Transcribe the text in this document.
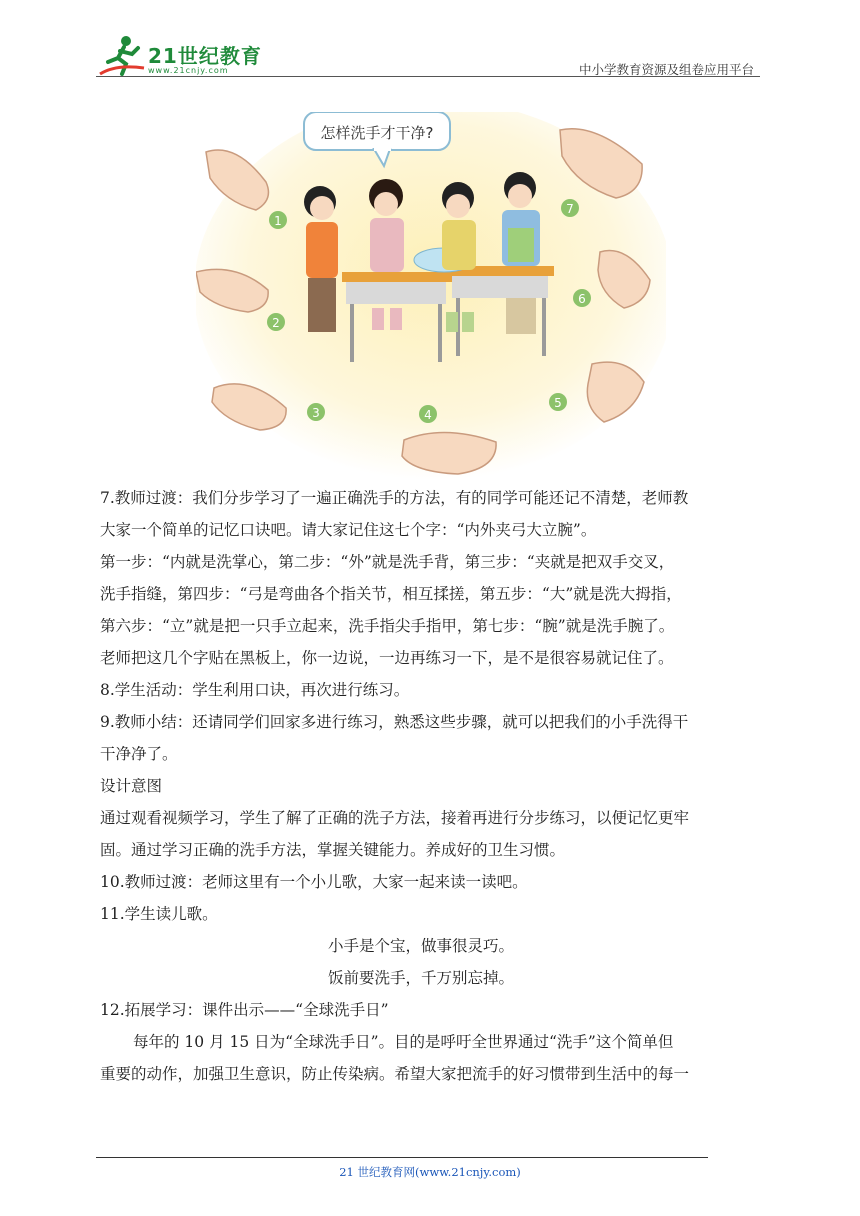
21世纪教育
www.21cnjy.com	中小学教育资源及组卷应用平台
怎样洗手才干净?
1
2
3	4
5
6
7

7.教师过渡：我们分步学习了一遍正确洗手的方法，有的同学可能还记不清楚，老师教

大家一个简单的记忆口诀吧。请大家记住这七个字：“内外夹弓大立腕”。

第一步：“内就是洗掌心，第二步：“外”就是洗手背，第三步：“夹就是把双手交叉，

洗手指缝，第四步：“弓是弯曲各个指关节，相互揉搓，第五步：“大”就是洗大拇指，

第六步：“立”就是把一只手立起来，洗手指尖手指甲，第七步：“腕”就是洗手腕了。

老师把这几个字贴在黑板上，你一边说，一边再练习一下，是不是很容易就记住了。

8.学生活动：学生利用口诀，再次进行练习。

9.教师小结：还请同学们回家多进行练习，熟悉这些步骤，就可以把我们的小手洗得干

干净净了。

设计意图

通过观看视频学习，学生了解了正确的洗子方法，接着再进行分步练习，以便记忆更牢

固。通过学习正确的洗手方法，掌握关键能力。养成好的卫生习惯。

10.教师过渡：老师这里有一个小儿歌，大家一起来读一读吧。

11.学生读儿歌。

小手是个宝，做事很灵巧。

饭前要洗手，千万别忘掉。

12.拓展学习：课件出示——“全球洗手日”

每年的 10 月 15 日为“全球洗手日”。目的是呼吁全世界通过“洗手”这个简单但

重要的动作，加强卫生意识，防止传染病。希望大家把流手的好习惯带到生活中的每一

21 世纪教育网(www.21cnjy.com)
